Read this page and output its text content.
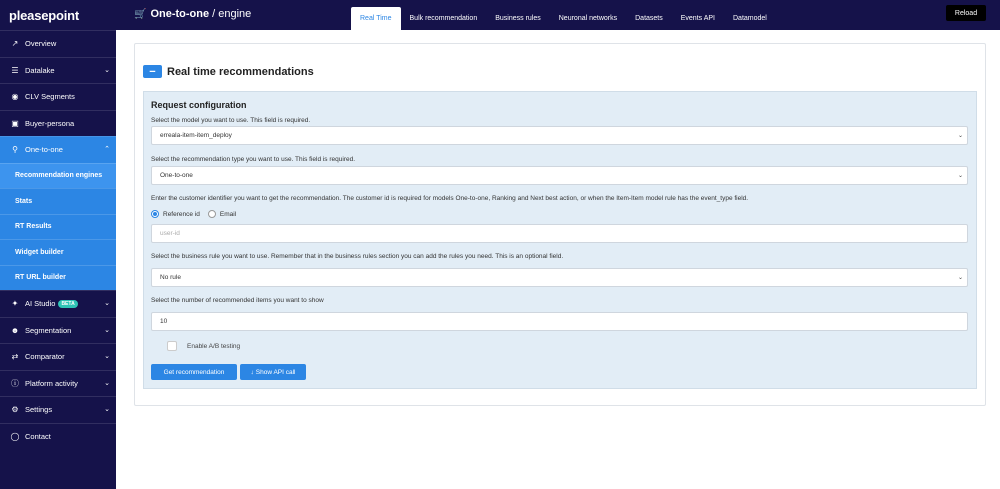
pleasepoint
↗ Overview
☰ Datalake	⌄
◉ CLV Segments
▣ Buyer-persona
⚲ One-to-one	⌃
Recommendation engines
Stats
RT Results
Widget builder
RT URL builder
✦ AI Studio	BETA	⌄
☻ Segmentation	⌄
⇄ Comparator	⌄
ⓘ Platform activity	⌄
⚙ Settings	⌄
◯ Contact
🛒 One-to-one / engine	Real Time	Bulk recommendation	Business rules	Neuronal networks	Datasets	Events API	Datamodel
Reload
−	Real time recommendations
Request configuration
Select the model you want to use. This field is required.
erreala-item-item_deploy	⌄
Select the recommendation type you want to use. This field is required.
One-to-one	⌄
Enter the customer identifier you want to get the recommendation. The customer id is required for models One-to-one, Ranking and Next best action, or when the Item-Item model rule has the event_type field.
Reference id	Email
user-id
Select the business rule you want to use. Remember that in the business rules section you can add the rules you need. This is an optional field.
No rule	⌄
Select the number of recommended items you want to show
10
Enable A/B testing
Get recommendation	↓ Show API call
